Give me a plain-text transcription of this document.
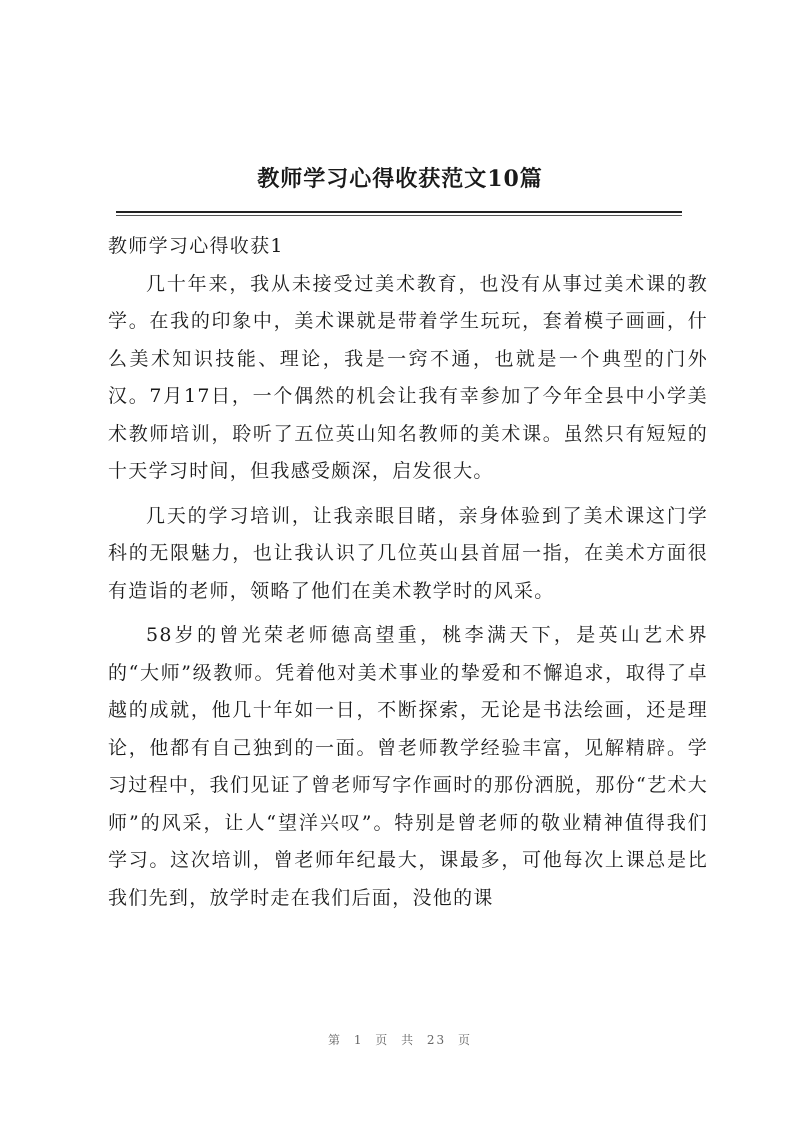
教师学习心得收获范文10篇

教师学习心得收获1

几十年来，我从未接受过美术教育，也没有从事过美术课的教学。在我的印象中，美术课就是带着学生玩玩，套着模子画画，什么美术知识技能、理论，我是一窍不通，也就是一个典型的门外汉。7月17日，一个偶然的机会让我有幸参加了今年全县中小学美术教师培训，聆听了五位英山知名教师的美术课。虽然只有短短的十天学习时间，但我感受颇深，启发很大。

几天的学习培训，让我亲眼目睹，亲身体验到了美术课这门学科的无限魅力，也让我认识了几位英山县首屈一指，在美术方面很有造诣的老师，领略了他们在美术教学时的风采。

58岁的曾光荣老师德高望重，桃李满天下，是英山艺术界的“大师”级教师。凭着他对美术事业的挚爱和不懈追求，取得了卓越的成就，他几十年如一日，不断探索，无论是书法绘画，还是理论，他都有自己独到的一面。曾老师教学经验丰富，见解精辟。学习过程中，我们见证了曾老师写字作画时的那份洒脱，那份“艺术大师”的风采，让人“望洋兴叹”。特别是曾老师的敬业精神值得我们学习。这次培训，曾老师年纪最大，课最多，可他每次上课总是比我们先到，放学时走在我们后面，没他的课

第 1 页 共 23 页
